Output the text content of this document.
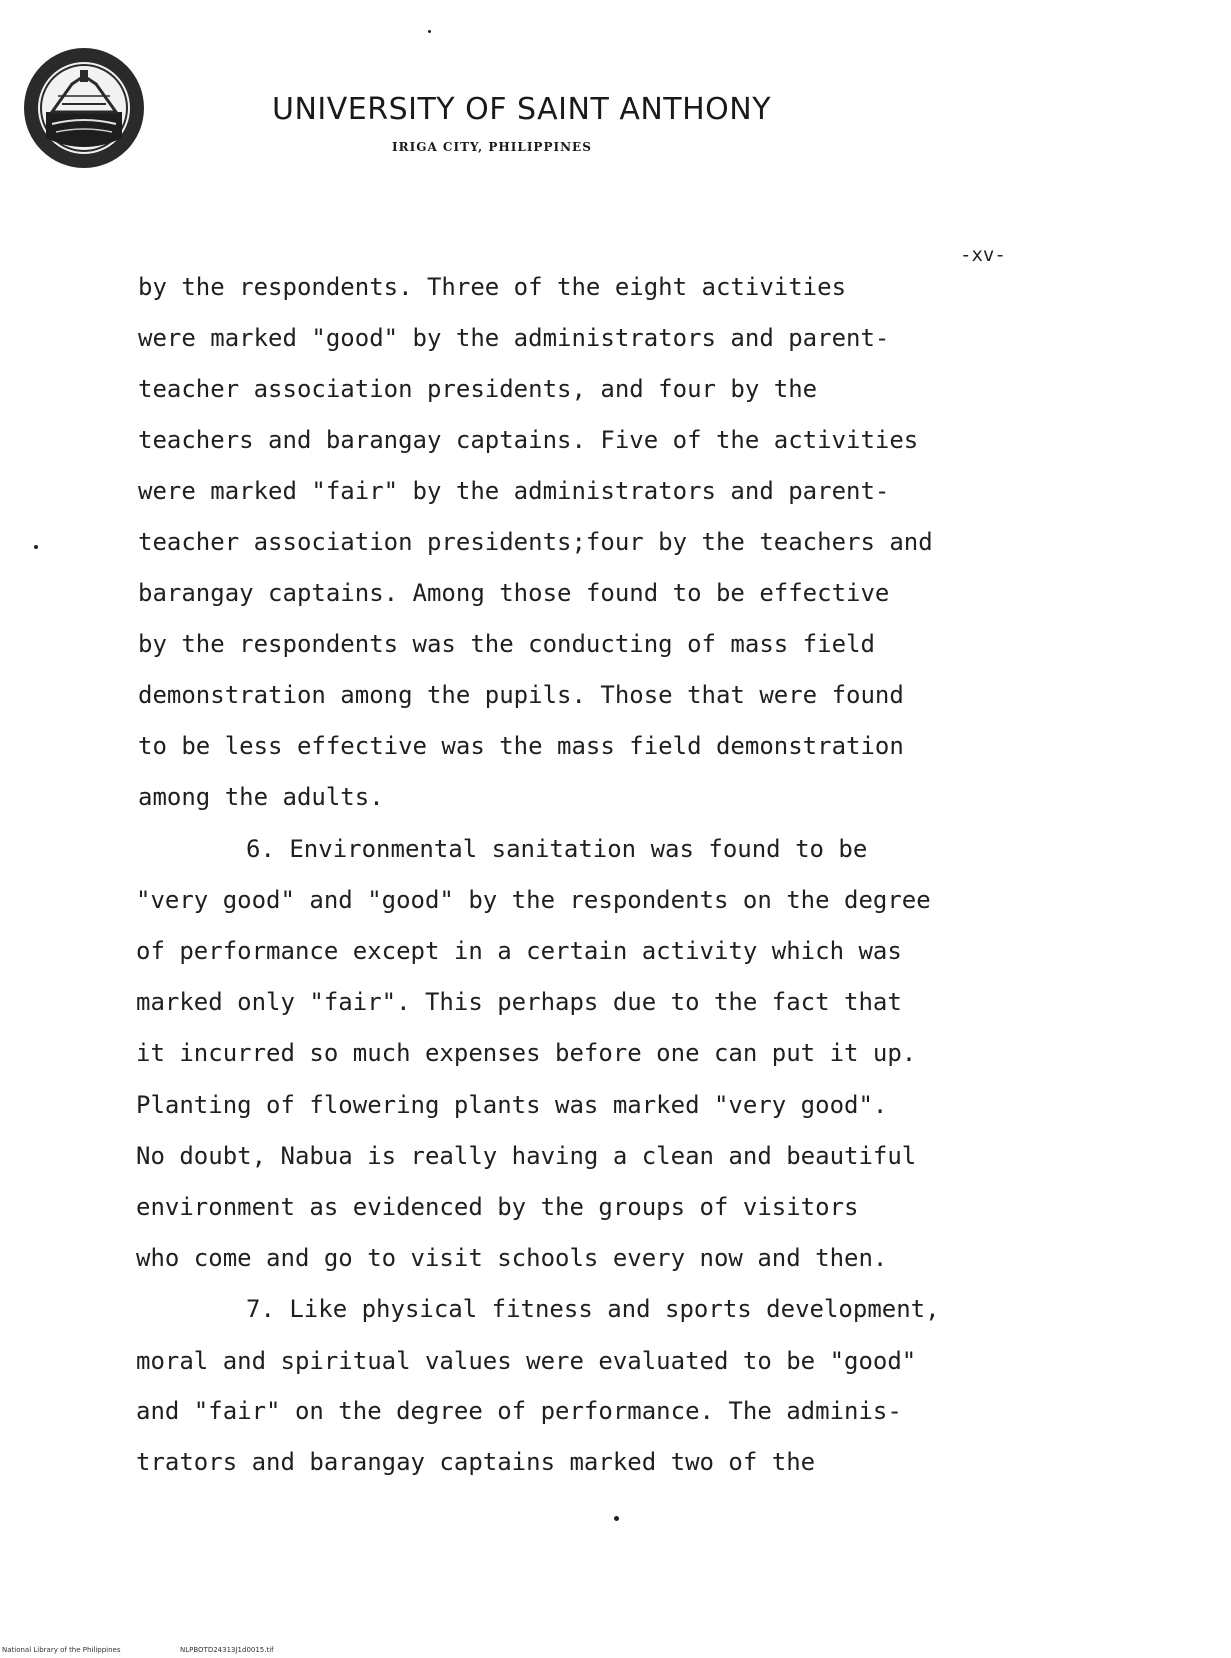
UNIVERSITY OF SAINT ANTHONY
IRIGA CITY, PHILIPPINES
-xv-
by the respondents. Three of the eight activities
were marked "good" by the administrators and parent-
teacher association presidents, and four by the
teachers and barangay captains. Five of the activities
were marked "fair" by the administrators and parent-
teacher association presidents;four by the teachers and
barangay captains. Among those found to be effective
by the respondents was the conducting of mass field
demonstration among the pupils. Those that were found
to be less effective was the mass field demonstration
among the adults.
6. Environmental sanitation was found to be
"very good" and "good" by the respondents on the degree
of performance except in a certain activity which was
marked only "fair". This perhaps due to the fact that
it incurred so much expenses before one can put it up.
Planting of flowering plants was marked "very good".
No doubt, Nabua is really having a clean and beautiful
environment as evidenced by the groups of visitors
who come and go to visit schools every now and then.
7. Like physical fitness and sports development,
moral and spiritual values were evaluated to be "good"
and "fair" on the degree of performance. The adminis-
trators and barangay captains marked two of the
National Library of the Philippines	NLPBOTD24313J1d0015.tif
